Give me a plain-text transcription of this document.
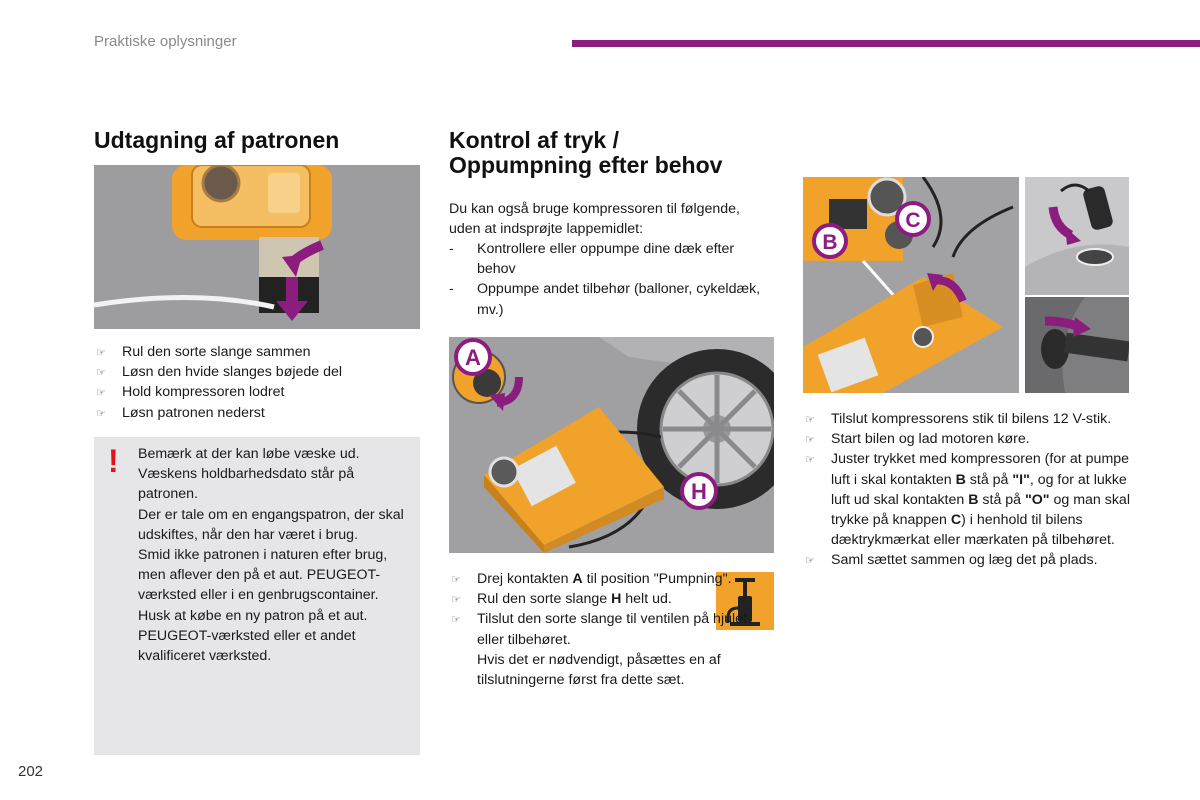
Praktiske oplysninger
Udtagning af patronen
☞ Rul den sorte slange sammen
☞ Løsn den hvide slanges bøjede del
☞ Hold kompressoren lodret
☞ Løsn patronen nederst
! Bemærk at der kan løbe væske ud. Væskens holdbarhedsdato står på patronen.
Der er tale om en engangspatron, der skal udskiftes, når den har været i brug.
Smid ikke patronen i naturen efter brug, men aflever den på et aut. PEUGEOT-værksted eller i en genbrugscontainer.
Husk at købe en ny patron på et aut. PEUGEOT-værksted eller et andet kvalificeret værksted.
Kontrol af tryk /
Oppumpning efter behov
Du kan også bruge kompressoren til følgende, uden at indsprøjte lappemidlet:
- Kontrollere eller oppumpe dine dæk efter behov
- Oppumpe andet tilbehør (balloner, cykeldæk, mv.)
A
H
☞ Drej kontakten A til position "Pumpning".
☞ Rul den sorte slange H helt ud.
☞ Tilslut den sorte slange til ventilen på hjulet eller tilbehøret.
Hvis det er nødvendigt, påsættes en af tilslutningerne først fra dette sæt.
B
C
☞ Tilslut kompressorens stik til bilens 12 V-stik.
☞ Start bilen og lad motoren køre.
☞ Juster trykket med kompressoren (for at pumpe luft i skal kontakten B stå på "I", og for at lukke luft ud skal kontakten B stå på "O" og man skal trykke på knappen C) i henhold til bilens dæktrykmærkat eller mærkaten på tilbehøret.
☞ Saml sættet sammen og læg det på plads.
202
